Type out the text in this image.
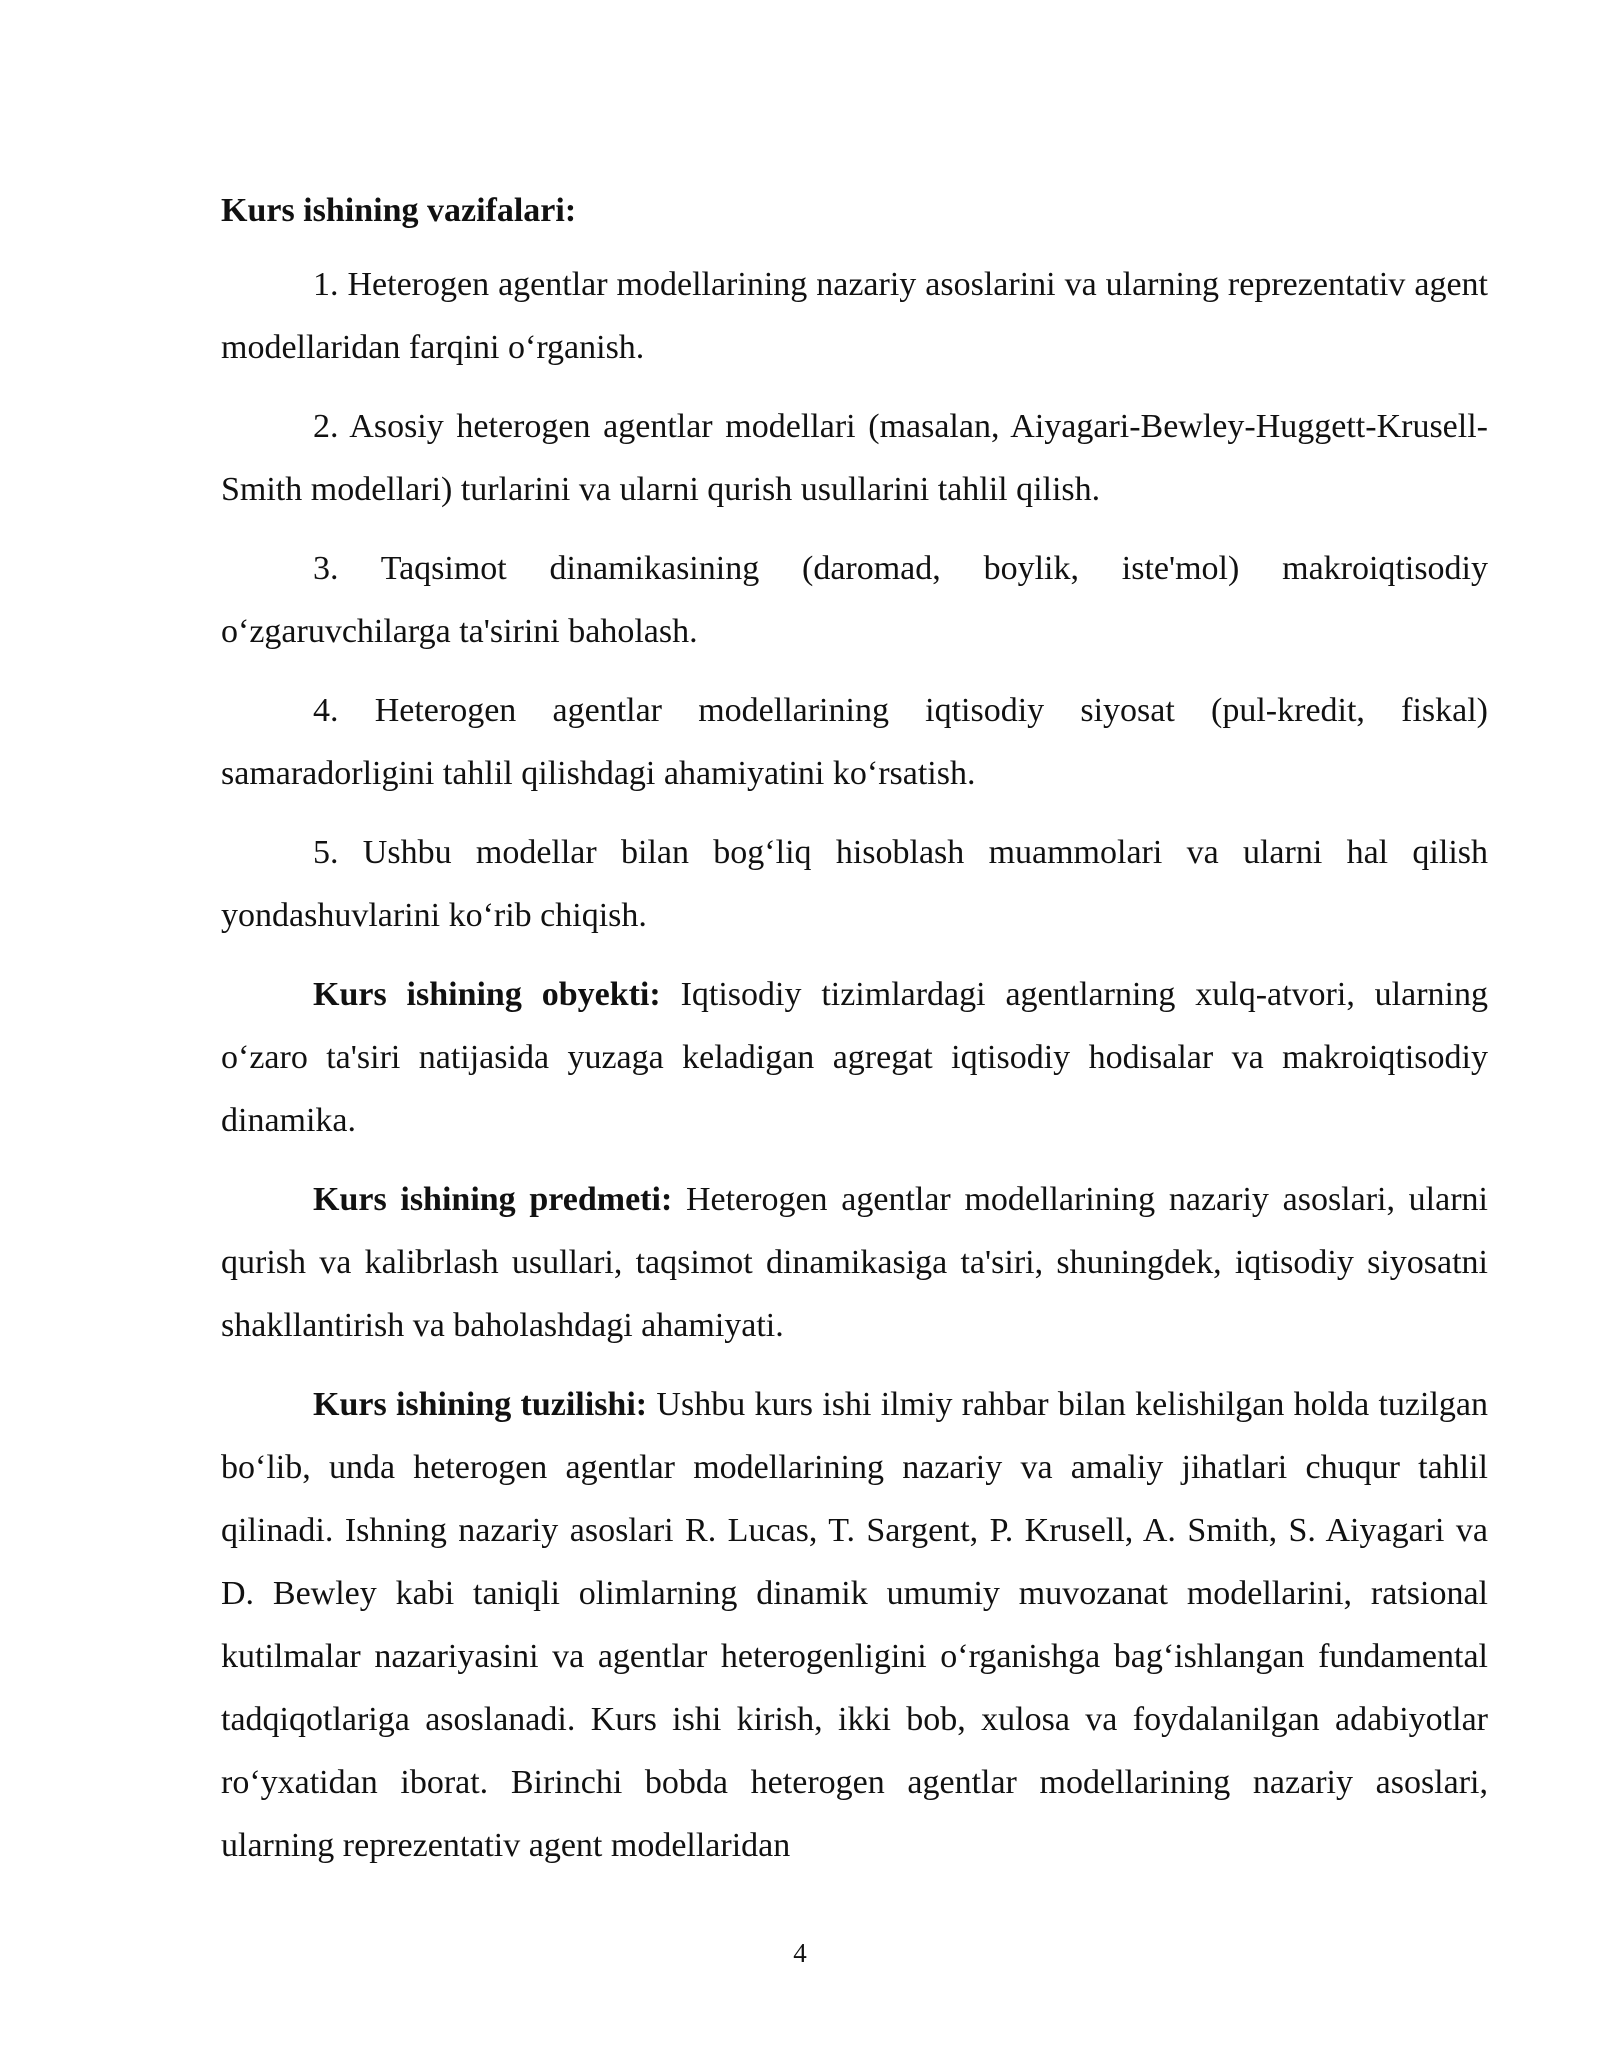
Kurs ishining vazifalari:

1. Heterogen agentlar modellarining nazariy asoslarini va ularning reprezentativ agent modellaridan farqini o‘rganish.

2. Asosiy heterogen agentlar modellari (masalan, Aiyagari-Bewley-Huggett-Krusell-Smith modellari) turlarini va ularni qurish usullarini tahlil qilish.

3. Taqsimot dinamikasining (daromad, boylik, iste'mol) makroiqtisodiy o‘zgaruvchilarga ta'sirini baholash.

4. Heterogen agentlar modellarining iqtisodiy siyosat (pul-kredit, fiskal) samaradorligini tahlil qilishdagi ahamiyatini ko‘rsatish.

5. Ushbu modellar bilan bog‘liq hisoblash muammolari va ularni hal qilish yondashuvlarini ko‘rib chiqish.

Kurs ishining obyekti: Iqtisodiy tizimlardagi agentlarning xulq-atvori, ularning o‘zaro ta'siri natijasida yuzaga keladigan agregat iqtisodiy hodisalar va makroiqtisodiy dinamika.

Kurs ishining predmeti: Heterogen agentlar modellarining nazariy asoslari, ularni qurish va kalibrlash usullari, taqsimot dinamikasiga ta'siri, shuningdek, iqtisodiy siyosatni shakllantirish va baholashdagi ahamiyati.

Kurs ishining tuzilishi: Ushbu kurs ishi ilmiy rahbar bilan kelishilgan holda tuzilgan bo‘lib, unda heterogen agentlar modellarining nazariy va amaliy jihatlari chuqur tahlil qilinadi. Ishning nazariy asoslari R. Lucas, T. Sargent, P. Krusell, A. Smith, S. Aiyagari va D. Bewley kabi taniqli olimlarning dinamik umumiy muvozanat modellarini, ratsional kutilmalar nazariyasini va agentlar heterogenligini o‘rganishga bag‘ishlangan fundamental tadqiqotlariga asoslanadi. Kurs ishi kirish, ikki bob, xulosa va foydalanilgan adabiyotlar ro‘yxatidan iborat. Birinchi bobda heterogen agentlar modellarining nazariy asoslari, ularning reprezentativ agent modellaridan

4
